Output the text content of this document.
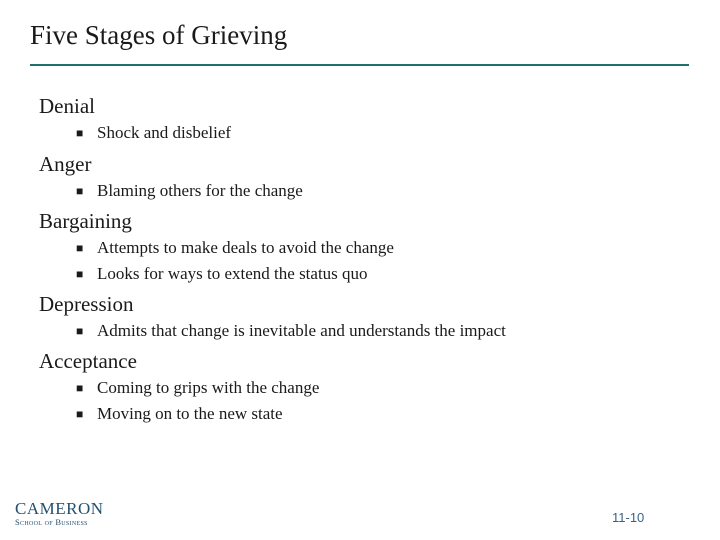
Five Stages of Grieving
Denial
■ Shock and disbelief
Anger
■ Blaming others for the change
Bargaining
■ Attempts to make deals to avoid the change
■ Looks for ways to extend the status quo
Depression
■ Admits that change is inevitable and understands the impact
Acceptance
■ Coming to grips with the change
■ Moving on to the new state
CAMERON
School of Business	11-10
